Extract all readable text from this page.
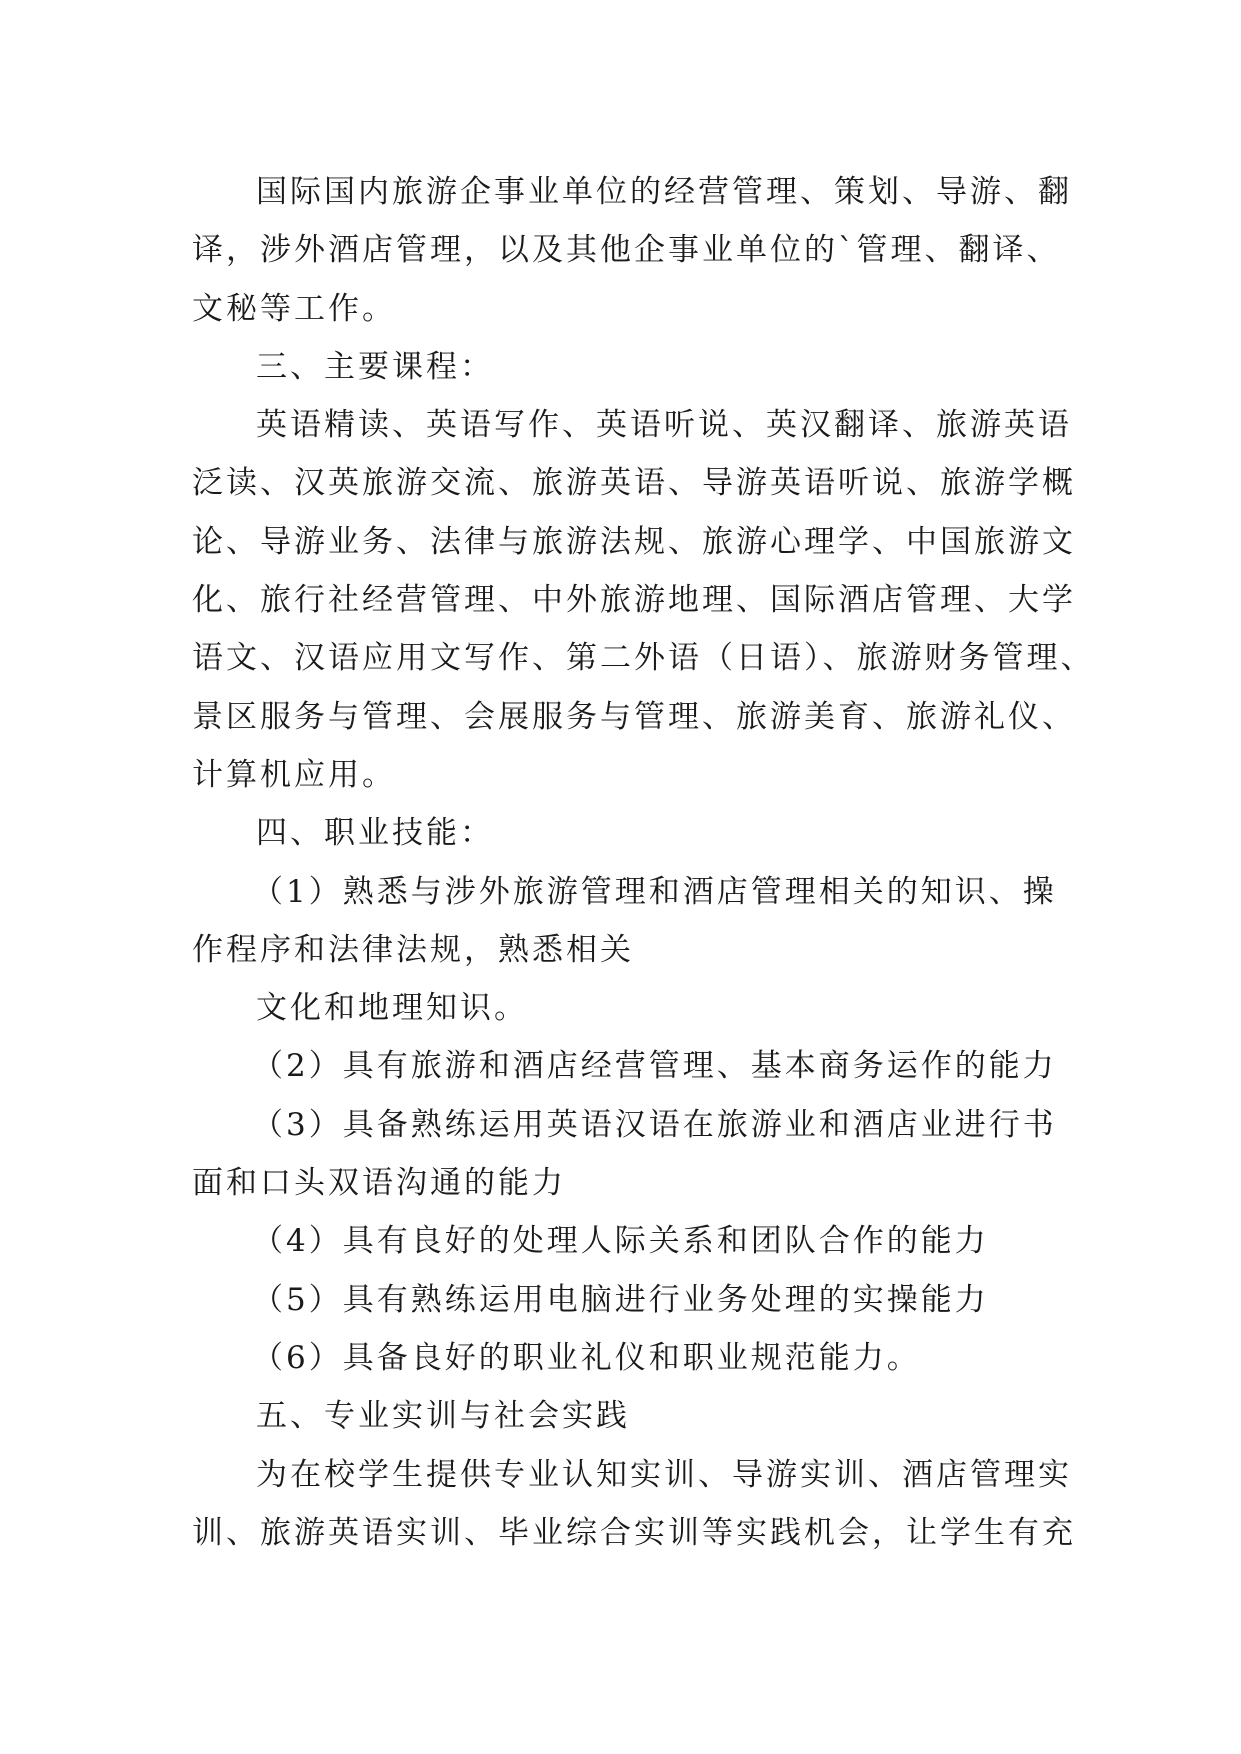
国际国内旅游企事业单位的经营管理、策划、导游、翻
译，涉外酒店管理，以及其他企事业单位的`管理、翻译、
文秘等工作。
三、主要课程：
英语精读、英语写作、英语听说、英汉翻译、旅游英语
泛读、汉英旅游交流、旅游英语、导游英语听说、旅游学概
论、导游业务、法律与旅游法规、旅游心理学、中国旅游文
化、旅行社经营管理、中外旅游地理、国际酒店管理、大学
语文、汉语应用文写作、第二外语（日语）、旅游财务管理、
景区服务与管理、会展服务与管理、旅游美育、旅游礼仪、
计算机应用。
四、职业技能：
（1）熟悉与涉外旅游管理和酒店管理相关的知识、操
作程序和法律法规，熟悉相关
文化和地理知识。
（2）具有旅游和酒店经营管理、基本商务运作的能力
（3）具备熟练运用英语汉语在旅游业和酒店业进行书
面和口头双语沟通的能力
（4）具有良好的处理人际关系和团队合作的能力
（5）具有熟练运用电脑进行业务处理的实操能力
（6）具备良好的职业礼仪和职业规范能力。
五、专业实训与社会实践
为在校学生提供专业认知实训、导游实训、酒店管理实
训、旅游英语实训、毕业综合实训等实践机会，让学生有充
